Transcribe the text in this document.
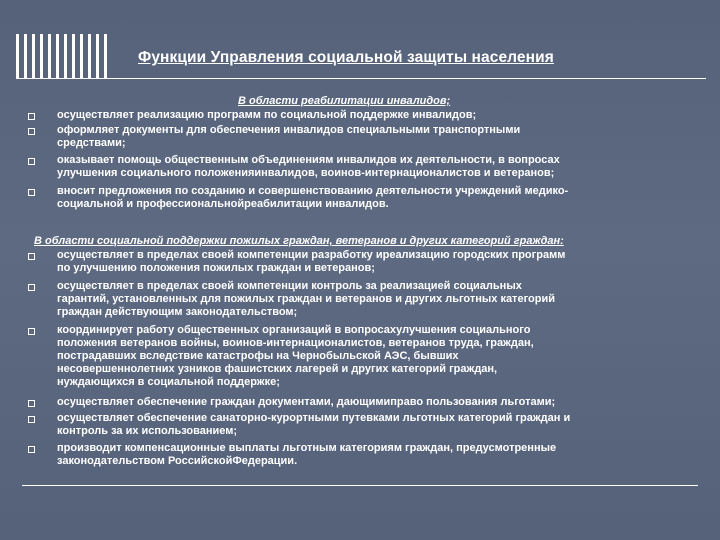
Функции Управления социальной защиты населения
В области реабилитации инвалидов;
осуществляет реализацию программ по социальной поддержке инвалидов;
оформляет документы для обеспечения инвалидов специальными транспортными
средствами;
оказывает помощь общественным объединениям инвалидов их деятельности, в вопросах
улучшения социального положенияинвалидов, воинов-интернационалистов и ветеранов;
вносит предложения по созданию и совершенствованию деятельности учреждений медико-
социальной и профессиональнойреабилитации инвалидов.
В области социальной поддержки пожилых граждан, ветеранов и других категорий граждан:
осуществляет в пределах своей компетенции разработку иреализацию городских программ
по улучшению положения пожилых граждан и ветеранов;
осуществляет в пределах своей компетенции контроль за реализацией социальных
гарантий, установленных для пожилых граждан и ветеранов и других льготных категорий
граждан действующим законодательством;
координирует работу общественных организаций в вопросахулучшения социального
положения ветеранов войны, воинов-интернационалистов, ветеранов труда, граждан,
пострадавших вследствие катастрофы на Чернобыльской АЭС, бывших
несовершеннолетних узников фашистских лагерей и других категорий граждан,
нуждающихся в социальной поддержке;
осуществляет обеспечение граждан документами, дающимиправо пользования льготами;
осуществляет обеспечение санаторно-курортными путевками льготных категорий граждан и
контроль за их использованием;
производит компенсационные выплаты льготным категориям граждан, предусмотренные
законодательством РоссийскойФедерации.
